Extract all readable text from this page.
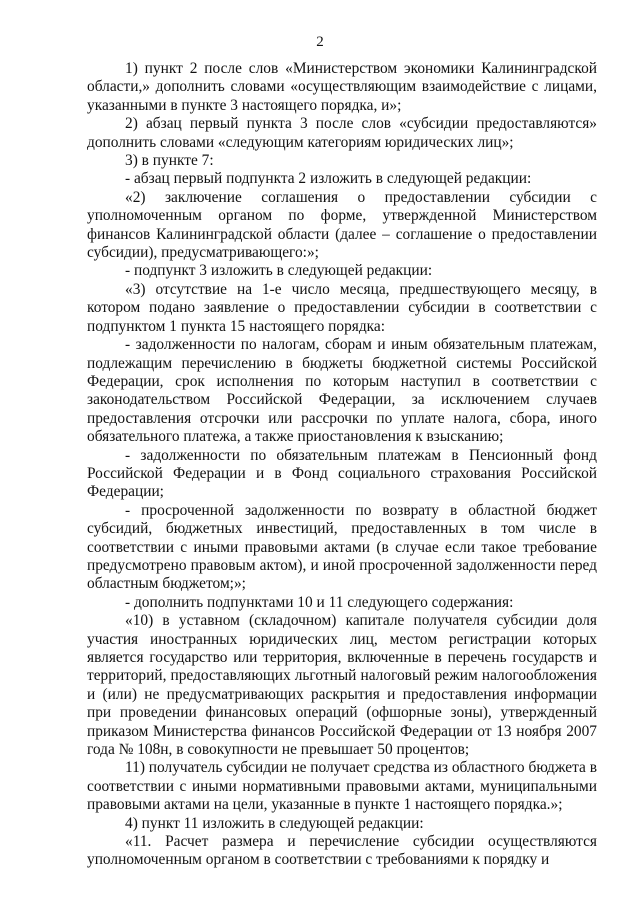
2

1) пункт 2 после слов «Министерством экономики Калининградской области,» дополнить словами «осуществляющим взаимодействие с лицами, указанными в пункте 3 настоящего порядка, и»;

2) абзац первый пункта 3 после слов «субсидии предоставляются» дополнить словами «следующим категориям юридических лиц»;

3) в пункте 7:

- абзац первый подпункта 2 изложить в следующей редакции:

«2) заключение соглашения о предоставлении субсидии с уполномоченным органом по форме, утвержденной Министерством финансов Калининградской области (далее – соглашение о предоставлении субсидии), предусматривающего:»;

- подпункт 3 изложить в следующей редакции:

«3) отсутствие на 1-е число месяца, предшествующего месяцу, в котором подано заявление о предоставлении субсидии в соответствии с подпунктом 1 пункта 15 настоящего порядка:

- задолженности по налогам, сборам и иным обязательным платежам, подлежащим перечислению в бюджеты бюджетной системы Российской Федерации, срок исполнения по которым наступил в соответствии с законодательством Российской Федерации, за исключением случаев предоставления отсрочки или рассрочки по уплате налога, сбора, иного обязательного платежа, а также приостановления к взысканию;

- задолженности по обязательным платежам в Пенсионный фонд Российской Федерации и в Фонд социального страхования Российской Федерации;

- просроченной задолженности по возврату в областной бюджет субсидий, бюджетных инвестиций, предоставленных в том числе в соответствии с иными правовыми актами (в случае если такое требование предусмотрено правовым актом), и иной просроченной задолженности перед областным бюджетом;»;

- дополнить подпунктами 10 и 11 следующего содержания:

«10) в уставном (складочном) капитале получателя субсидии доля участия иностранных юридических лиц, местом регистрации которых является государство или территория, включенные в перечень государств и территорий, предоставляющих льготный налоговый режим налогообложения и (или) не предусматривающих раскрытия и предоставления информации при проведении финансовых операций (офшорные зоны), утвержденный приказом Министерства финансов Российской Федерации от 13 ноября 2007 года № 108н, в совокупности не превышает 50 процентов;

11) получатель субсидии не получает средства из областного бюджета в соответствии с иными нормативными правовыми актами, муниципальными правовыми актами на цели, указанные в пункте 1 настоящего порядка.»;

4) пункт 11 изложить в следующей редакции:

«11. Расчет размера и перечисление субсидии осуществляются уполномоченным органом в соответствии с требованиями к порядку и
